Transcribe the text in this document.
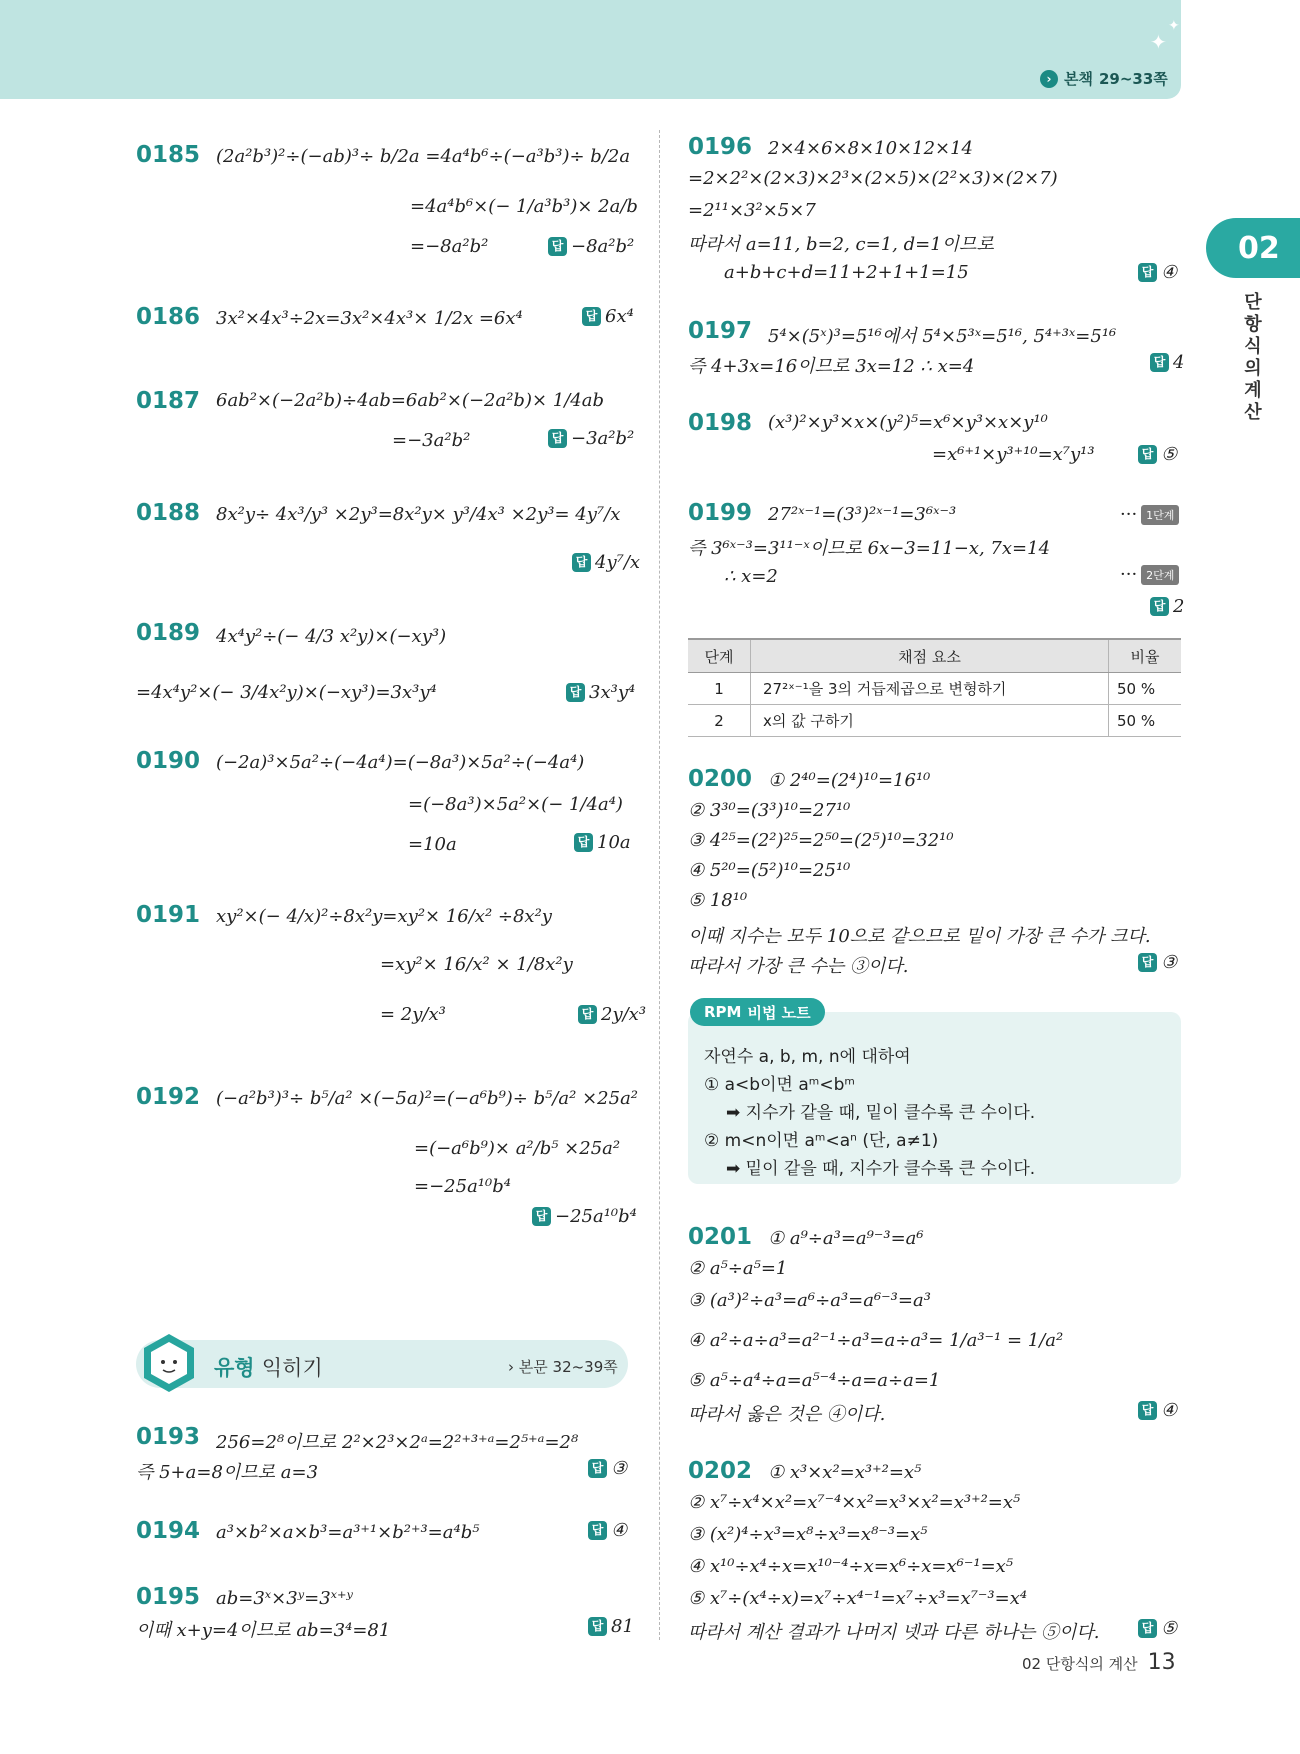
✦
✦
› 본책 29~33쪽
02
단항식의 계산
0185 (2a²b³)²÷(−ab)³÷ b/2a =4a⁴b⁶÷(−a³b³)÷ b/2a
=4a⁴b⁶×(− 1/a³b³)× 2a/b
=−8a²b²	답 −8a²b²
0186 3x²×4x³÷2x=3x²×4x³× 1/2x =6x⁴	답 6x⁴
0187 6ab²×(−2a²b)÷4ab=6ab²×(−2a²b)× 1/4ab
=−3a²b²	답 −3a²b²
0188 8x²y÷ 4x³/y³ ×2y³=8x²y× y³/4x³ ×2y³= 4y⁷/x
답 4y⁷/x
0189 4x⁴y²÷(− 4/3 x²y)×(−xy³)
=4x⁴y²×(− 3/4x²y)×(−xy³)=3x³y⁴	답 3x³y⁴
0190 (−2a)³×5a²÷(−4a⁴)=(−8a³)×5a²÷(−4a⁴)
=(−8a³)×5a²×(− 1/4a⁴)
=10a	답 10a
0191 xy²×(− 4/x)²÷8x²y=xy²× 16/x² ÷8x²y
=xy²× 16/x² × 1/8x²y
= 2y/x³	답 2y/x³
0192 (−a²b³)³÷ b⁵/a² ×(−5a)²=(−a⁶b⁹)÷ b⁵/a² ×25a²
=(−a⁶b⁹)× a²/b⁵ ×25a²
=−25a¹⁰b⁴
답 −25a¹⁰b⁴
유형 익히기	› 본문 32~39쪽
0193 256=2⁸이므로 2²×2³×2ᵃ=2²⁺³⁺ᵃ=2⁵⁺ᵃ=2⁸
즉 5+a=8이므로 a=3	답 ③
0194 a³×b²×a×b³=a³⁺¹×b²⁺³=a⁴b⁵	답 ④
0195 ab=3ˣ×3ʸ=3ˣ⁺ʸ
이때 x+y=4이므로 ab=3⁴=81	답 81
0196 2×4×6×8×10×12×14
=2×2²×(2×3)×2³×(2×5)×(2²×3)×(2×7)
=2¹¹×3²×5×7
따라서 a=11, b=2, c=1, d=1이므로
a+b+c+d=11+2+1+1=15	답 ④
0197 5⁴×(5ˣ)³=5¹⁶에서 5⁴×5³ˣ=5¹⁶, 5⁴⁺³ˣ=5¹⁶
즉 4+3x=16이므로 3x=12 ∴ x=4	답 4
0198 (x³)²×y³×x×(y²)⁵=x⁶×y³×x×y¹⁰
=x⁶⁺¹×y³⁺¹⁰=x⁷y¹³	답 ⑤
0199 27²ˣ⁻¹=(3³)²ˣ⁻¹=3⁶ˣ⁻³
즉 3⁶ˣ⁻³=3¹¹⁻ˣ이므로 6x−3=11−x, 7x=14
∴ x=2
··· 1단계
··· 2단계
답 2
단계	채점 요소	비율
1	27²ˣ⁻¹을 3의 거듭제곱으로 변형하기	50 %
2	x의 값 구하기	50 %
0200 ① 2⁴⁰=(2⁴)¹⁰=16¹⁰
② 3³⁰=(3³)¹⁰=27¹⁰
③ 4²⁵=(2²)²⁵=2⁵⁰=(2⁵)¹⁰=32¹⁰
④ 5²⁰=(5²)¹⁰=25¹⁰
⑤ 18¹⁰
이때 지수는 모두 10으로 같으므로 밑이 가장 큰 수가 크다.
따라서 가장 큰 수는 ③이다.	답 ③
RPM 비법 노트
자연수 a, b, m, n에 대하여
① a<b이면 aᵐ<bᵐ
➡ 지수가 같을 때, 밑이 클수록 큰 수이다.
② m<n이면 aᵐ<aⁿ (단, a≠1)
➡ 밑이 같을 때, 지수가 클수록 큰 수이다.
0201 ① a⁹÷a³=a⁹⁻³=a⁶
② a⁵÷a⁵=1
③ (a³)²÷a³=a⁶÷a³=a⁶⁻³=a³
④ a²÷a÷a³=a²⁻¹÷a³=a÷a³= 1/a³⁻¹ = 1/a²
⑤ a⁵÷a⁴÷a=a⁵⁻⁴÷a=a÷a=1
따라서 옳은 것은 ④이다.	답 ④
0202 ① x³×x²=x³⁺²=x⁵
② x⁷÷x⁴×x²=x⁷⁻⁴×x²=x³×x²=x³⁺²=x⁵
③ (x²)⁴÷x³=x⁸÷x³=x⁸⁻³=x⁵
④ x¹⁰÷x⁴÷x=x¹⁰⁻⁴÷x=x⁶÷x=x⁶⁻¹=x⁵
⑤ x⁷÷(x⁴÷x)=x⁷÷x⁴⁻¹=x⁷÷x³=x⁷⁻³=x⁴
따라서 계산 결과가 나머지 넷과 다른 하나는 ⑤이다.	답 ⑤
02 단항식의 계산 13
